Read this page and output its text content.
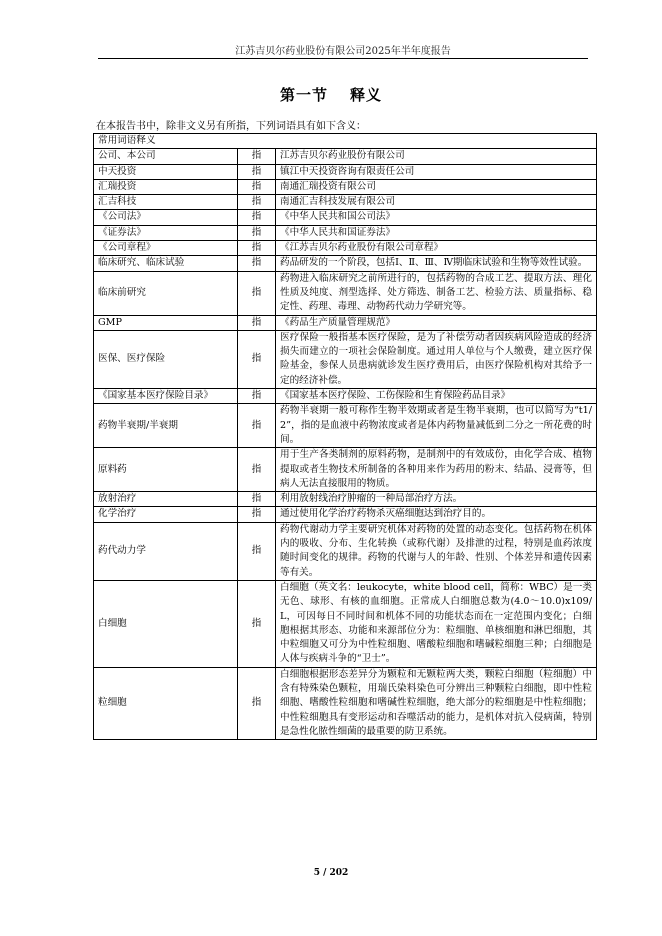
江苏吉贝尔药业股份有限公司2025年半年度报告
第一节 释义
在本报告书中，除非文义另有所指，下列词语具有如下含义：
常用词语释义		
公司、本公司	指	江苏吉贝尔药业股份有限公司
中天投资	指	镇江中天投资咨询有限责任公司
汇瑞投资	指	南通汇瑞投资有限公司
汇吉科技	指	南通汇吉科技发展有限公司
《公司法》	指	《中华人民共和国公司法》
《证券法》	指	《中华人民共和国证券法》
《公司章程》	指	《江苏吉贝尔药业股份有限公司章程》
临床研究、临床试验	指	药品研发的一个阶段，包括Ⅰ、Ⅱ、Ⅲ、Ⅳ期临床试验和生物等效性试验。
临床前研究	指	药物进入临床研究之前所进行的，包括药物的合成工艺、提取方法、理化性质及纯度、剂型选择、处方筛选、制备工艺、检验方法、质量指标、稳定性、药理、毒理、动物药代动力学研究等。
GMP	指	《药品生产质量管理规范》
医保、医疗保险	指	医疗保险一般指基本医疗保险，是为了补偿劳动者因疾病风险造成的经济损失而建立的一项社会保险制度。通过用人单位与个人缴费，建立医疗保险基金，参保人员患病就诊发生医疗费用后，由医疗保险机构对其给予一定的经济补偿。
《国家基本医疗保险目录》	指	《国家基本医疗保险、工伤保险和生育保险药品目录》
药物半衰期/半衰期	指	药物半衰期一般可称作生物半效期或者是生物半衰期，也可以简写为“t1/2”，指的是血液中药物浓度或者是体内药物量减低到二分之一所花费的时间。
原料药	指	用于生产各类制剂的原料药物，是制剂中的有效成份，由化学合成、植物提取或者生物技术所制备的各种用来作为药用的粉末、结晶、浸膏等，但病人无法直接服用的物质。
放射治疗	指	利用放射线治疗肿瘤的一种局部治疗方法。
化学治疗	指	通过使用化学治疗药物杀灭癌细胞达到治疗目的。
药代动力学	指	药物代谢动力学主要研究机体对药物的处置的动态变化。包括药物在机体内的吸收、分布、生化转换（或称代谢）及排泄的过程，特别是血药浓度随时间变化的规律。药物的代谢与人的年龄、性别、个体差异和遗传因素等有关。
白细胞	指	白细胞（英文名：leukocyte，white blood cell，简称：WBC）是一类无色、球形、有核的血细胞。正常成人白细胞总数为(4.0～10.0)x109/L，可因每日不同时间和机体不同的功能状态而在一定范围内变化；白细胞根据其形态、功能和来源部位分为：粒细胞、单核细胞和淋巴细胞，其中粒细胞又可分为中性粒细胞、嗜酸粒细胞和嗜碱粒细胞三种；白细胞是人体与疾病斗争的“卫士”。
粒细胞	指	白细胞根据形态差异分为颗粒和无颗粒两大类，颗粒白细胞（粒细胞）中含有特殊染色颗粒，用瑞氏染料染色可分辨出三种颗粒白细胞，即中性粒细胞、嗜酸性粒细胞和嗜碱性粒细胞，绝大部分的粒细胞是中性粒细胞；中性粒细胞具有变形运动和吞噬活动的能力，是机体对抗入侵病菌，特别是急性化脓性细菌的最重要的防卫系统。
5 / 202
